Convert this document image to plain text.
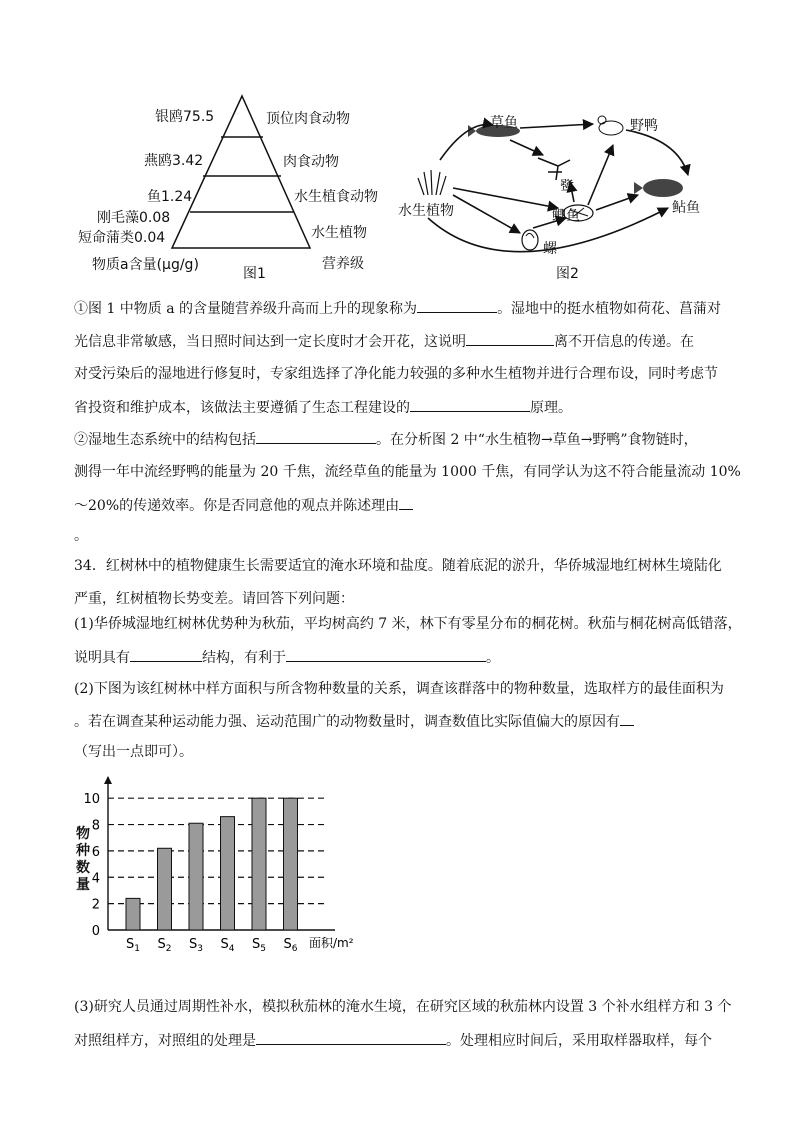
银鸥75.5
燕鸥3.42
鱼1.24
刚毛藻0.08
短命蒲类0.04
物质a含量(μg/g)
顶位肉食动物
肉食动物
水生植食动物
水生植物
营养级
图1
草鱼	野鸭
鹭
水生植物	鲫鱼	鲇鱼
螺
图2
①图 1 中物质 a 的含量随营养级升高而上升的现象称为	。湿地中的挺水植物如荷花、菖蒲对
光信息非常敏感，当日照时间达到一定长度时才会开花，这说明	离不开信息的传递。在
对受污染后的湿地进行修复时，专家组选择了净化能力较强的多种水生植物并进行合理布设，同时考虑节
省投资和维护成本，该做法主要遵循了生态工程建设的	原理。
②湿地生态系统中的结构包括	。在分析图 2 中“水生植物→草鱼→野鸭”食物链时，
测得一年中流经野鸭的能量为 20 千焦，流经草鱼的能量为 1000 千焦，有同学认为这不符合能量流动 10%
～20%的传递效率。你是否同意他的观点并陈述理由
。
34．红树林中的植物健康生长需要适宜的淹水环境和盐度。随着底泥的淤升，华侨城湿地红树林生境陆化
严重，红树植物长势变差。请回答下列问题：
(1)华侨城湿地红树林优势种为秋茄，平均树高约 7 米，林下有零星分布的桐花树。秋茄与桐花树高低错落，
说明具有	结构，有利于	。
(2)下图为该红树林中样方面积与所含物种数量的关系，调查该群落中的物种数量，选取样方的最佳面积为
。若在调查某种运动能力强、运动范围广的动物数量时，调查数值比实际值偏大的原因有
（写出一点即可）。
0
2
4
6
8
10
$S_1$ $S_2$ $S_3$ $S_4$ $S_5$ $S_6$ 面积/m²
物种数量
(3)研究人员通过周期性补水，模拟秋茄林的淹水生境，在研究区域的秋茄林内设置 3 个补水组样方和 3 个
对照组样方，对照组的处理是	。处理相应时间后，采用取样器取样，每个
